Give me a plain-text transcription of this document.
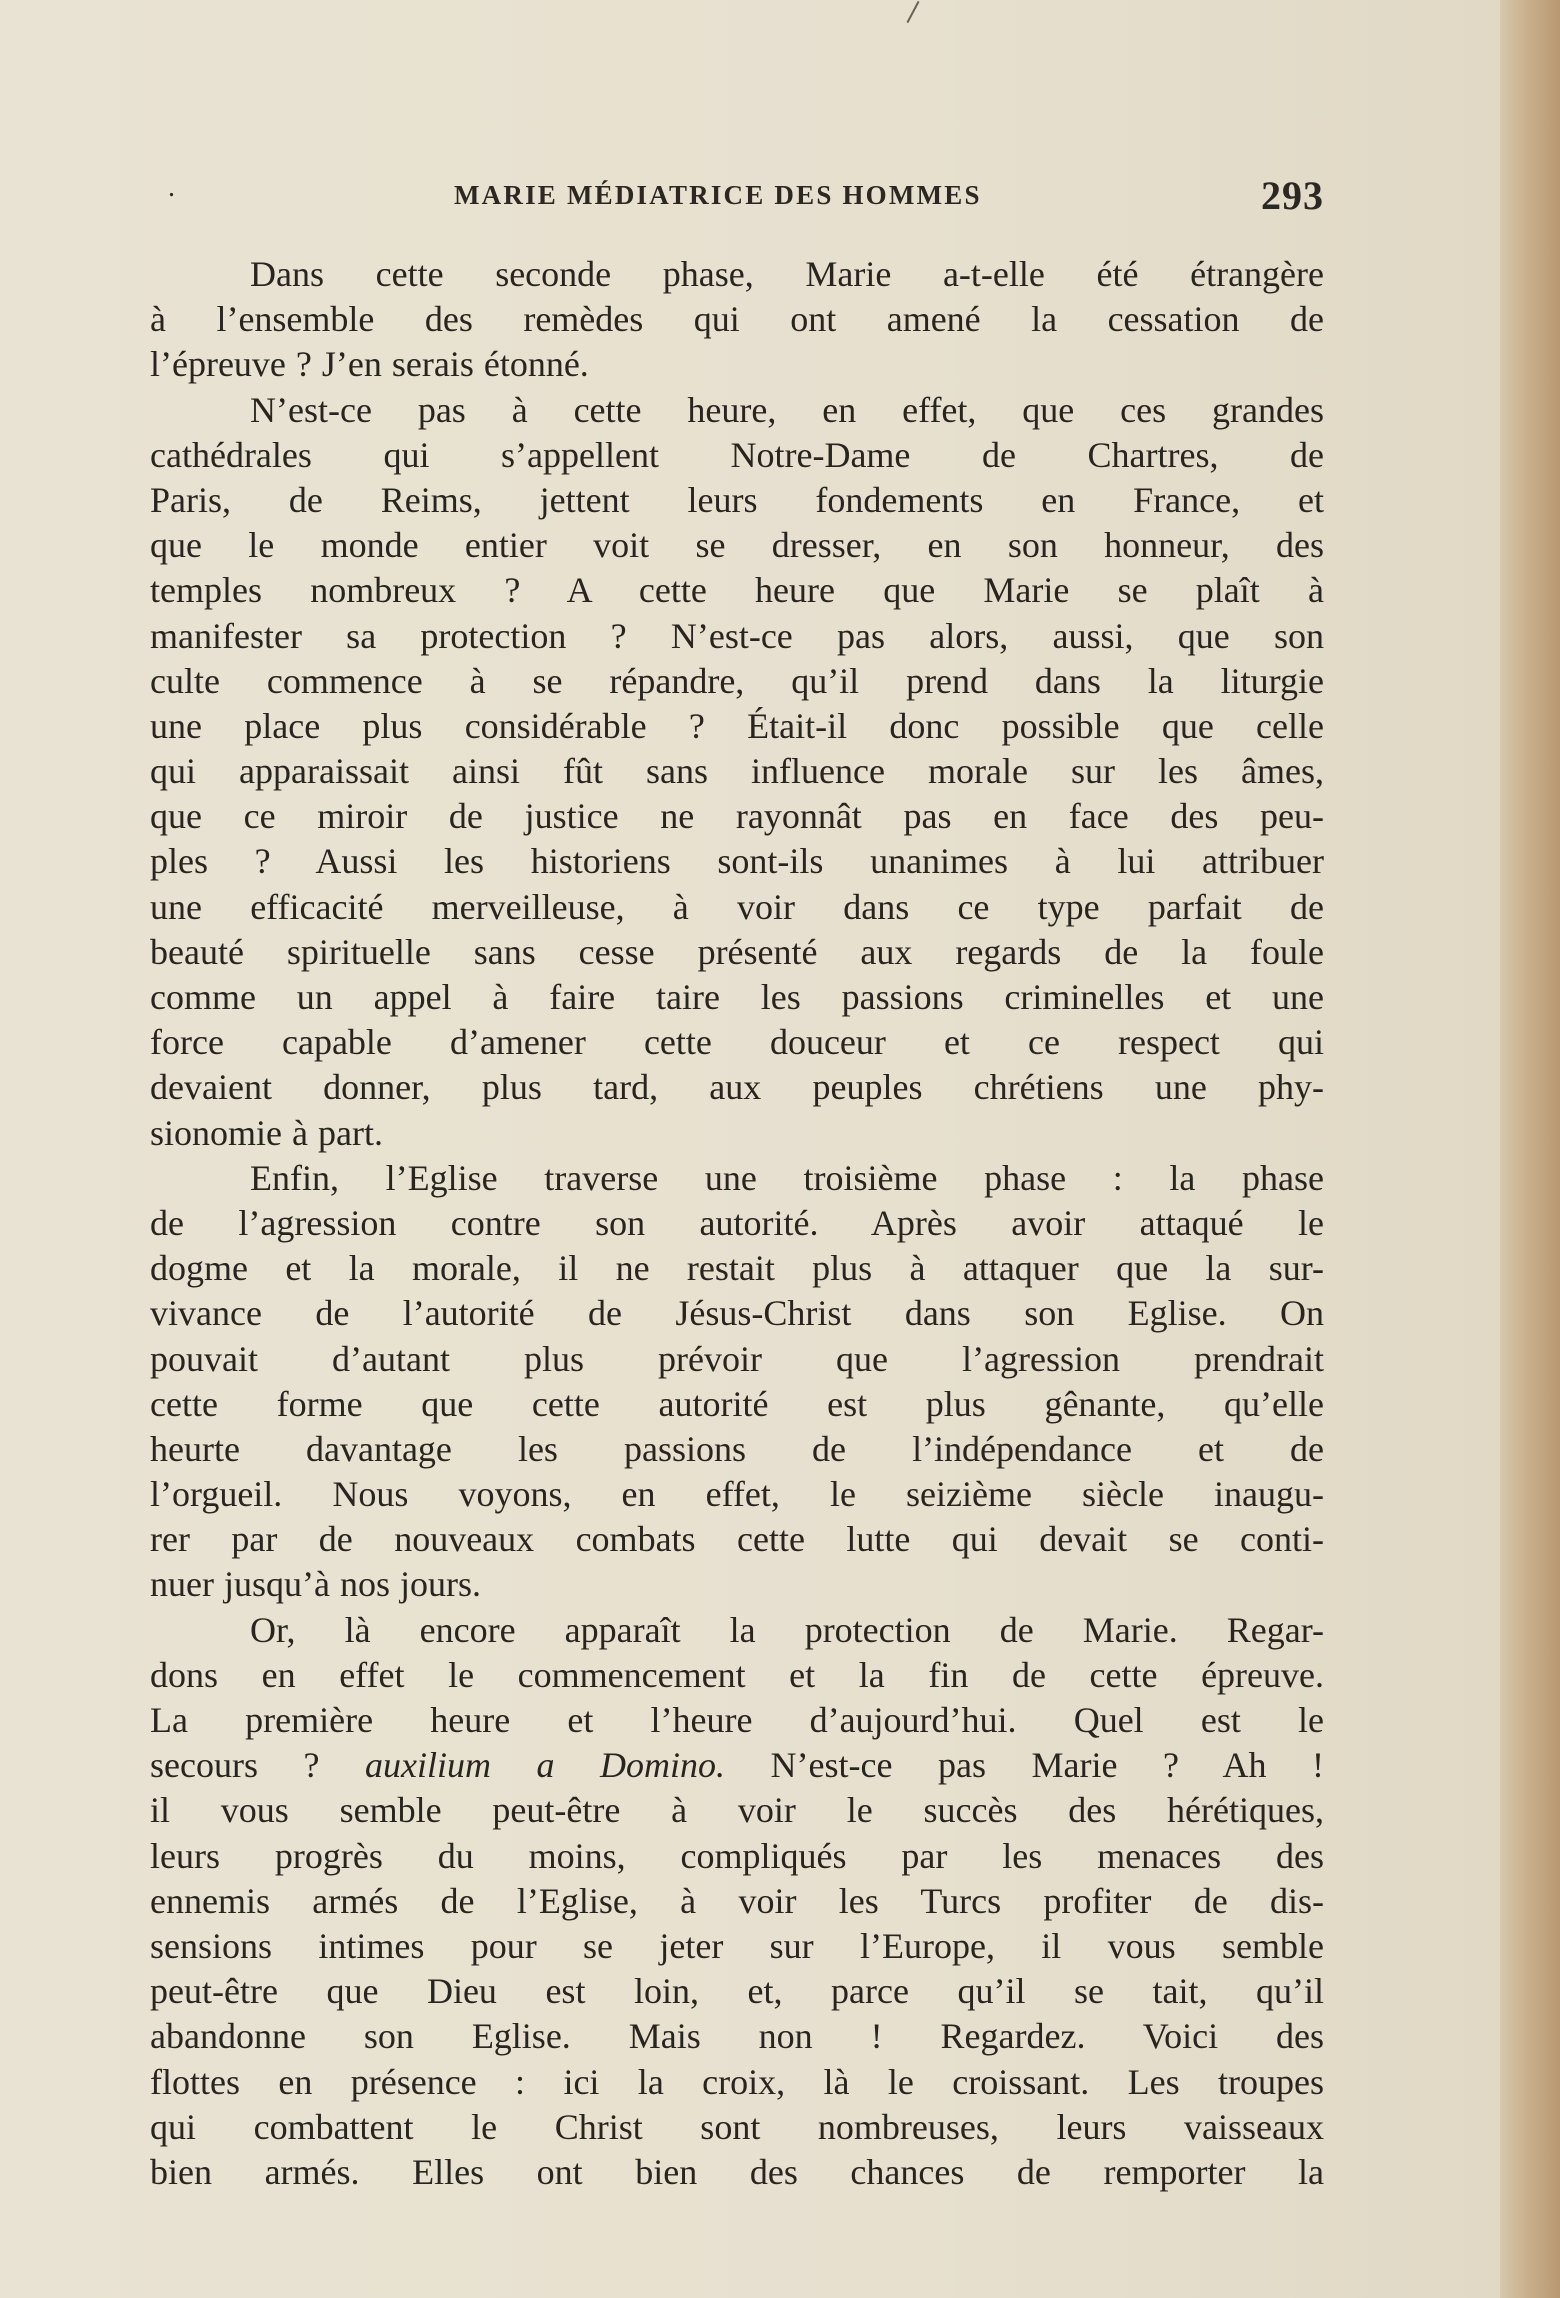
.	MARIE MÉDIATRICE DES HOMMES	293
Dans cette seconde phase, Marie a-t-elle été étrangère
à l’ensemble des remèdes qui ont amené la cessation de
l’épreuve ? J’en serais étonné.
N’est-ce pas à cette heure, en effet, que ces grandes
cathédrales qui s’appellent Notre-Dame de Chartres, de
Paris, de Reims, jettent leurs fondements en France, et
que le monde entier voit se dresser, en son honneur, des
temples nombreux ? A cette heure que Marie se plaît à
manifester sa protection ? N’est-ce pas alors, aussi, que son
culte commence à se répandre, qu’il prend dans la liturgie
une place plus considérable ? Était-il donc possible que celle
qui apparaissait ainsi fût sans influence morale sur les âmes,
que ce miroir de justice ne rayonnât pas en face des peu-
ples ? Aussi les historiens sont-ils unanimes à lui attribuer
une efficacité merveilleuse, à voir dans ce type parfait de
beauté spirituelle sans cesse présenté aux regards de la foule
comme un appel à faire taire les passions criminelles et une
force capable d’amener cette douceur et ce respect qui
devaient donner, plus tard, aux peuples chrétiens une phy-
sionomie à part.
Enfin, l’Eglise traverse une troisième phase : la phase
de l’agression contre son autorité. Après avoir attaqué le
dogme et la morale, il ne restait plus à attaquer que la sur-
vivance de l’autorité de Jésus-Christ dans son Eglise. On
pouvait d’autant plus prévoir que l’agression prendrait
cette forme que cette autorité est plus gênante, qu’elle
heurte davantage les passions de l’indépendance et de
l’orgueil. Nous voyons, en effet, le seizième siècle inaugu-
rer par de nouveaux combats cette lutte qui devait se conti-
nuer jusqu’à nos jours.
Or, là encore apparaît la protection de Marie. Regar-
dons en effet le commencement et la fin de cette épreuve.
La première heure et l’heure d’aujourd’hui. Quel est le
secours ? auxilium a Domino. N’est-ce pas Marie ? Ah !
il vous semble peut-être à voir le succès des hérétiques,
leurs progrès du moins, compliqués par les menaces des
ennemis armés de l’Eglise, à voir les Turcs profiter de dis-
sensions intimes pour se jeter sur l’Europe, il vous semble
peut-être que Dieu est loin, et, parce qu’il se tait, qu’il
abandonne son Eglise. Mais non ! Regardez. Voici des
flottes en présence : ici la croix, là le croissant. Les troupes
qui combattent le Christ sont nombreuses, leurs vaisseaux
bien armés. Elles ont bien des chances de remporter la
